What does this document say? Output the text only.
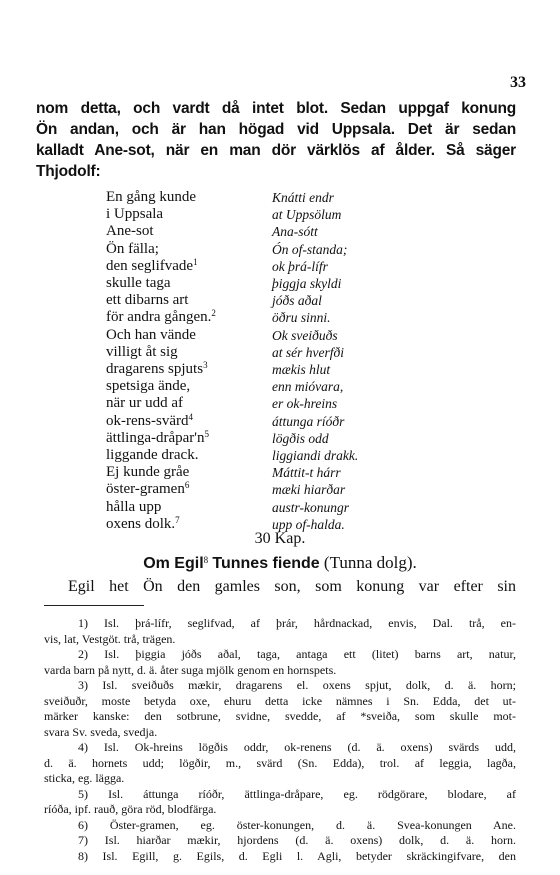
33
nom detta, och vardt då intet blot. Sedan uppgaf konung
Ön andan, och är han högad vid Uppsala. Det är sedan
kalladt Ane-sot, när en man dör värklös af ålder. Så säger
Thjodolf:
En gång kunde
i Uppsala
Ane-sot
Ön fälla;
den seglifvade$^1$
skulle taga
ett dibarns art
för andra gången.$^2$
Och han vände
villigt åt sig
dragarens spjuts$^3$
spetsiga ände,
när ur udd af
ok-rens-svärd$^4$
ättlinga-$dråpar'n^5$
liggande drack.
Ej kunde gråe
öster-gramen$^6$
hålla upp
oxens dolk.$^7$
Knátti endr
at Uppsölum
Ana-sótt
Ón of-standa;
ok þrá-lífr
þiggja skyldi
jóðs aðal
öðru sinni.
Ok sveiðuðs
at sér hverfði
mækis hlut
enn mióvara,
er ok-hreins
áttunga ríóðr
lögðis odd
liggiandi drakk.
Máttit-t hárr
mæki hiarðar
austr-konungr
upp of-halda.
30 Kap.
Om Egil$^8$ Tunnes fiende (Tunna dolg).
Egil het Ön den gamles son, som konung var efter sin
1) Isl. þrá-lífr, seglifvad, af þrár, hårdnackad, envis, Dal. trå, en-
vis, lat, Vestgöt. trå, trägen.
2) Isl. þiggia jóðs aðal, taga, antaga ett (litet) barns art, natur,
varda barn på nytt, d. ä. åter suga mjölk genom en hornspets.
3) Isl. sveiðuðs mækir, dragarens el. oxens spjut, dolk, d. ä. horn;
sveiðuðr, moste betyda oxe, ehuru detta icke nämnes i Sn. Edda, det ut-
märker kanske: den sotbrune, svidne, svedde, af *sveiða, som skulle mot-
svara Sv. sveda, svedja.
4) Isl. Ok-hreins lögðis oddr, ok-renens (d. ä. oxens) svärds udd,
d. ä. hornets udd; lögðir, m., svärd (Sn. Edda), trol. af leggia, lagða,
sticka, eg. lägga.
5) Isl. áttunga ríóðr, ättlinga-dråpare, eg. rödgörare, blodare, af
ríóða, ipf. rauð, göra röd, blodfärga.
6) Öster-gramen, eg. öster-konungen, d. ä. Svea-konungen Ane.
7) Isl. hiarðar mækir, hjordens (d. ä. oxens) dolk, d. ä. horn.
8) Isl. Egill, g. Egils, d. Egli l. Agli, betyder skräckingifvare, den
